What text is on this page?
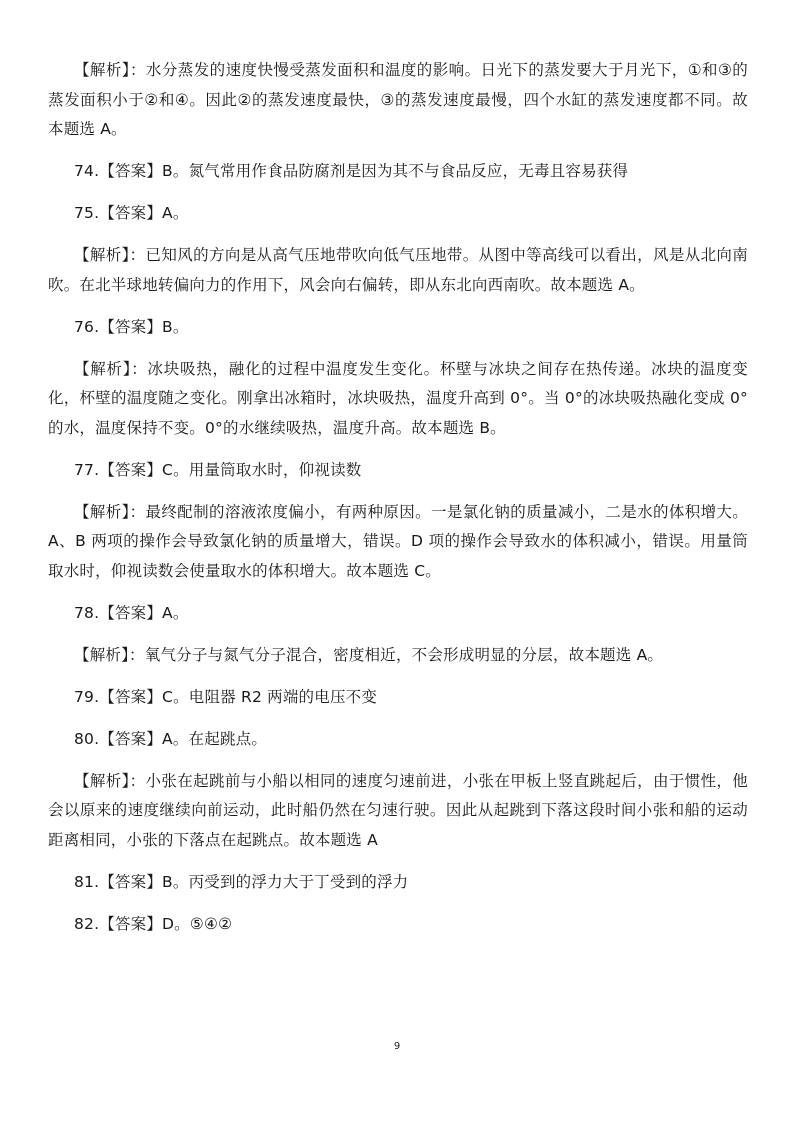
【解析】：水分蒸发的速度快慢受蒸发面积和温度的影响。日光下的蒸发要大于月光下，①和③的蒸发面积小于②和④。因此②的蒸发速度最快，③的蒸发速度最慢，四个水缸的蒸发速度都不同。故本题选 A。

74.【答案】B。氮气常用作食品防腐剂是因为其不与食品反应，无毒且容易获得

75.【答案】A。

【解析】：已知风的方向是从高气压地带吹向低气压地带。从图中等高线可以看出，风是从北向南吹。在北半球地转偏向力的作用下，风会向右偏转，即从东北向西南吹。故本题选 A。

76.【答案】B。

【解析】：冰块吸热，融化的过程中温度发生变化。杯壁与冰块之间存在热传递。冰块的温度变化，杯壁的温度随之变化。刚拿出冰箱时，冰块吸热，温度升高到 0°。当 0°的冰块吸热融化变成 0°的水，温度保持不变。0°的水继续吸热，温度升高。故本题选 B。

77.【答案】C。用量筒取水时，仰视读数

【解析】：最终配制的溶液浓度偏小，有两种原因。一是氯化钠的质量减小，二是水的体积增大。A、B 两项的操作会导致氯化钠的质量增大，错误。D 项的操作会导致水的体积减小，错误。用量筒取水时，仰视读数会使量取水的体积增大。故本题选 C。

78.【答案】A。

【解析】：氧气分子与氮气分子混合，密度相近，不会形成明显的分层，故本题选 A。

79.【答案】C。电阻器 R2 两端的电压不变

80.【答案】A。在起跳点。

【解析】：小张在起跳前与小船以相同的速度匀速前进，小张在甲板上竖直跳起后，由于惯性，他会以原来的速度继续向前运动，此时船仍然在匀速行驶。因此从起跳到下落这段时间小张和船的运动距离相同，小张的下落点在起跳点。故本题选 A

81.【答案】B。丙受到的浮力大于丁受到的浮力

82.【答案】D。⑤④②

9
